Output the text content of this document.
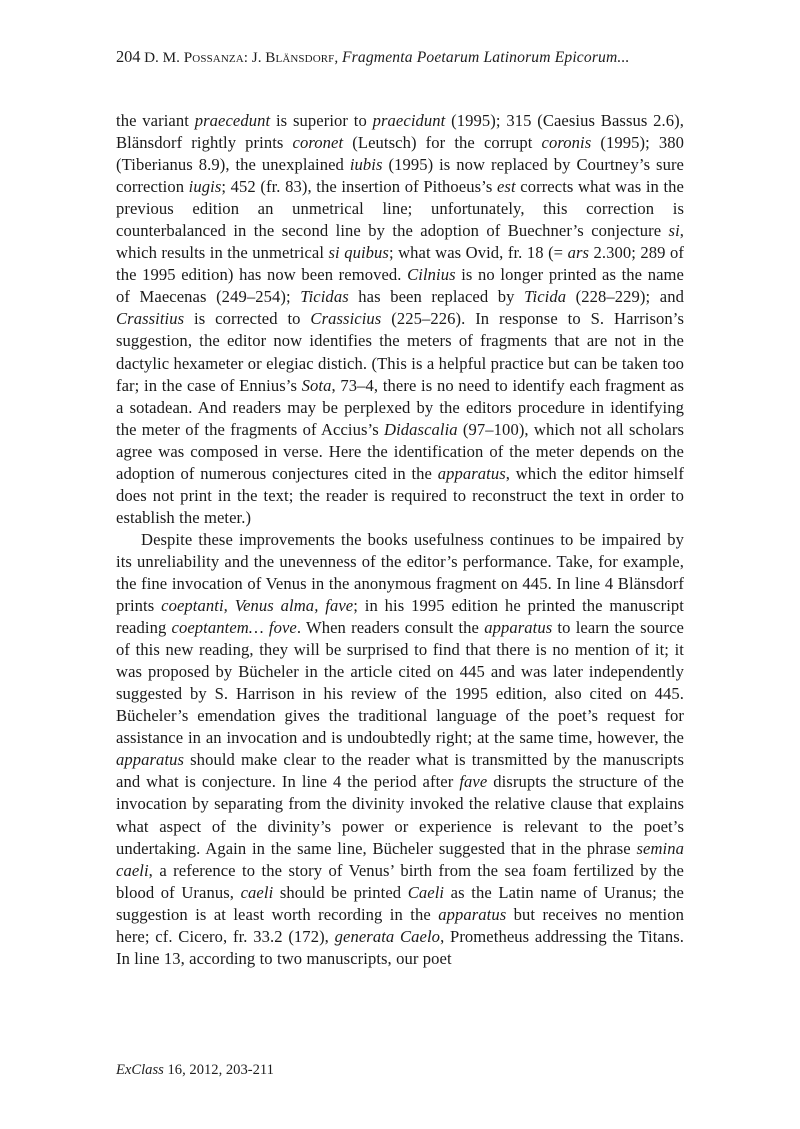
204 D. M. Possanza: J. Blänsdorf, Fragmenta Poetarum Latinorum Epicorum...

the variant praecedunt is superior to praecidunt (1995); 315 (Caesius Bassus 2.6), Blänsdorf rightly prints coronet (Leutsch) for the corrupt coronis (1995); 380 (Tiberianus 8.9), the unexplained iubis (1995) is now replaced by Courtney’s sure correction iugis; 452 (fr. 83), the insertion of Pithoeus’s est corrects what was in the previous edition an unmetrical line; unfortunately, this correction is counterbalanced in the second line by the adoption of Buechner’s conjecture si, which results in the unmetrical si quibus; what was Ovid, fr. 18 (= ars 2.300; 289 of the 1995 edition) has now been removed. Cilnius is no longer printed as the name of Maecenas (249–254); Ticidas has been replaced by Ticida (228–229); and Crassitius is corrected to Crassicius (225–226). In response to S. Harrison’s suggestion, the editor now identifies the meters of fragments that are not in the dactylic hexameter or elegiac distich. (This is a helpful practice but can be taken too far; in the case of Ennius’s Sota, 73–4, there is no need to identify each fragment as a sotadean. And readers may be perplexed by the editors procedure in identifying the meter of the fragments of Accius’s Didascalia (97–100), which not all scholars agree was composed in verse. Here the identification of the meter depends on the adoption of numerous conjectures cited in the apparatus, which the editor himself does not print in the text; the reader is required to reconstruct the text in order to establish the meter.)

Despite these improvements the books usefulness continues to be impaired by its unreliability and the unevenness of the editor’s performance. Take, for example, the fine invocation of Venus in the anonymous fragment on 445. In line 4 Blänsdorf prints coeptanti, Venus alma, fave; in his 1995 edition he printed the manuscript reading coeptantem… fove. When readers consult the apparatus to learn the source of this new reading, they will be surprised to find that there is no mention of it; it was proposed by Bücheler in the article cited on 445 and was later independently suggested by S. Harrison in his review of the 1995 edition, also cited on 445. Bücheler’s emendation gives the traditional language of the poet’s request for assistance in an invocation and is undoubtedly right; at the same time, however, the apparatus should make clear to the reader what is transmitted by the manuscripts and what is conjecture. In line 4 the period after fave disrupts the structure of the invocation by separating from the divinity invoked the relative clause that explains what aspect of the divinity’s power or experience is relevant to the poet’s undertaking. Again in the same line, Bücheler suggested that in the phrase semina caeli, a reference to the story of Venus’ birth from the sea foam fertilized by the blood of Uranus, caeli should be printed Caeli as the Latin name of Uranus; the suggestion is at least worth recording in the apparatus but receives no mention here; cf. Cicero, fr. 33.2 (172), generata Caelo, Prometheus addressing the Titans. In line 13, according to two manuscripts, our poet

ExClass 16, 2012, 203-211
